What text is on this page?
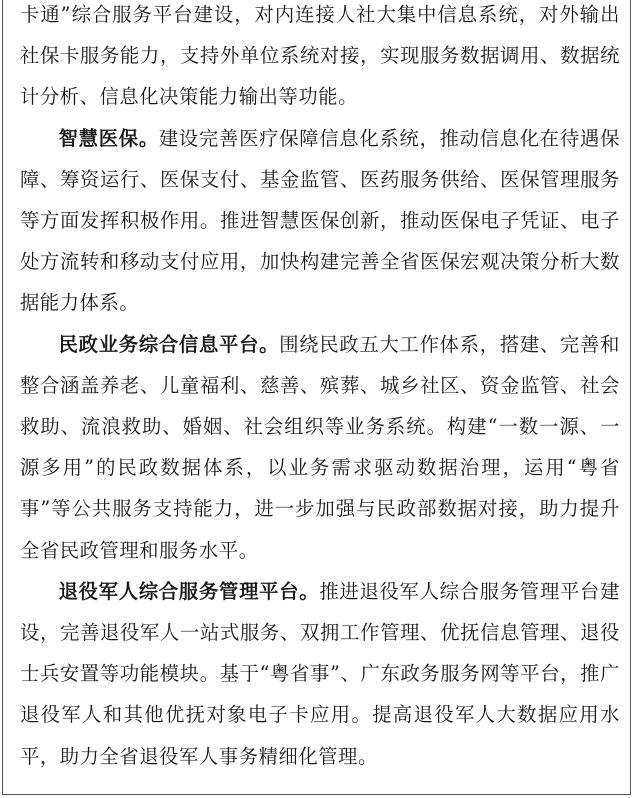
卡通”综合服务平台建设，对内连接人社大集中信息系统，对外输出社保卡服务能力，支持外单位系统对接，实现服务数据调用、数据统计分析、信息化决策能力输出等功能。

智慧医保。建设完善医疗保障信息化系统，推动信息化在待遇保障、筹资运行、医保支付、基金监管、医药服务供给、医保管理服务等方面发挥积极作用。推进智慧医保创新，推动医保电子凭证、电子处方流转和移动支付应用，加快构建完善全省医保宏观决策分析大数据能力体系。

民政业务综合信息平台。围绕民政五大工作体系，搭建、完善和整合涵盖养老、儿童福利、慈善、殡葬、城乡社区、资金监管、社会救助、流浪救助、婚姻、社会组织等业务系统。构建“一数一源、一源多用”的民政数据体系，以业务需求驱动数据治理，运用“粤省事”等公共服务支持能力，进一步加强与民政部数据对接，助力提升全省民政管理和服务水平。

退役军人综合服务管理平台。推进退役军人综合服务管理平台建设，完善退役军人一站式服务、双拥工作管理、优抚信息管理、退役士兵安置等功能模块。基于“粤省事”、广东政务服务网等平台，推广退役军人和其他优抚对象电子卡应用。提高退役军人大数据应用水平，助力全省退役军人事务精细化管理。
